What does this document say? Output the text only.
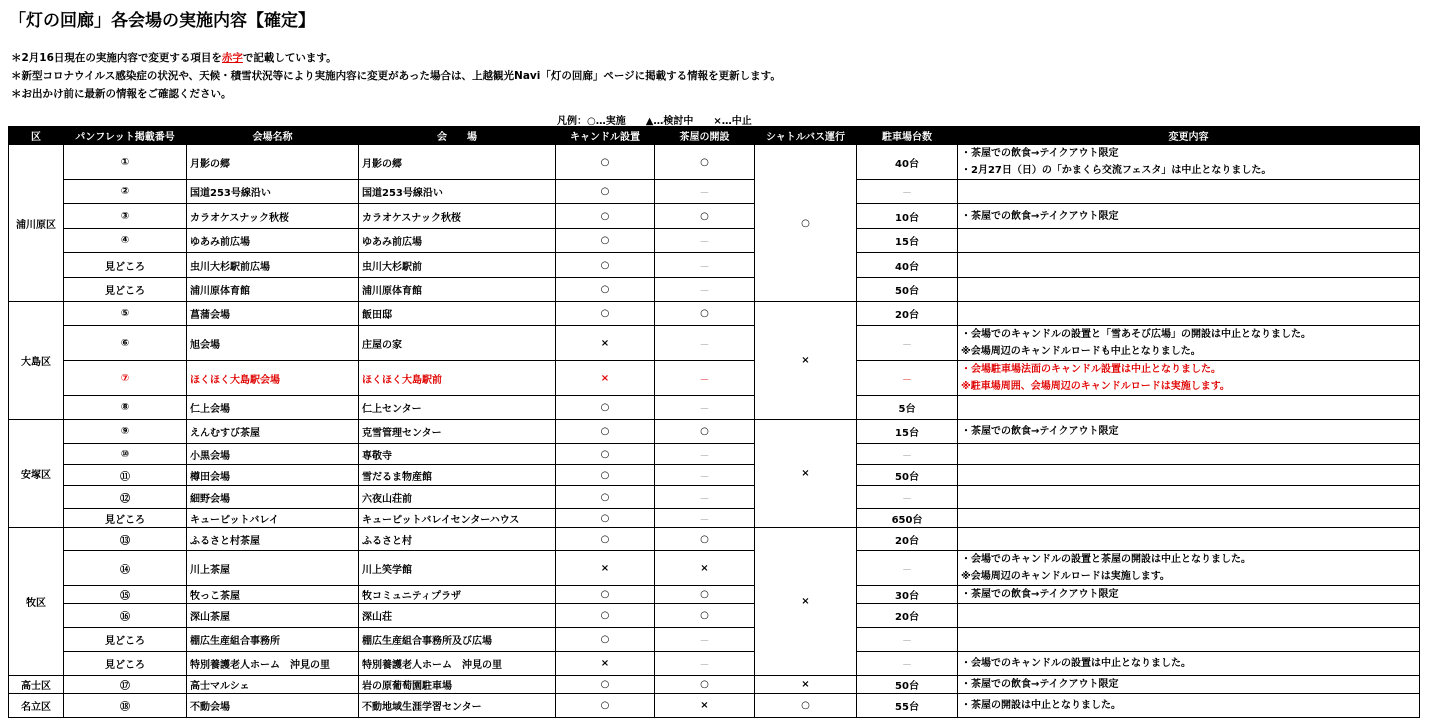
「灯の回廊」各会場の実施内容【確定】
＊2月16日現在の実施内容で変更する項目を赤字で記載しています。
＊新型コロナウイルス感染症の状況や、天候・積雪状況等により実施内容に変更があった場合は、上越観光Navi「灯の回廊」ページに掲載する情報を更新します。
＊お出かけ前に最新の情報をご確認ください。
凡例：○…実施　　▲…検討中　　×…中止
区	パンフレット掲載番号	会場名称	会　　場	キャンドル設置	茶屋の開設	シャトルバス運行	駐車場台数	変更内容
浦川原区	①	月影の郷	月影の郷	○	○	○	40台	・茶屋での飲食→テイクアウト限定
・2月27日（日）の「かまくら交流フェスタ」は中止となりました。

	②	国道253号線沿い	国道253号線沿い	○	－		－	

	③	カラオケスナック秋桜	カラオケスナック秋桜	○	○		10台	・茶屋での飲食→テイクアウト限定

	④	ゆあみ前広場	ゆあみ前広場	○	－		15台	

	見どころ	虫川大杉駅前広場	虫川大杉駅前	○	－		40台	

	見どころ	浦川原体育館	浦川原体育館	○	－		50台	

大島区	⑤	菖蒲会場	飯田邸	○	○	×	20台	

	⑥	旭会場	庄屋の家	×	－		－	・会場でのキャンドルの設置と「雪あそび広場」の開設は中止となりました。
※会場周辺のキャンドルロードも中止となりました。

	⑦	ほくほく大島駅会場	ほくほく大島駅前	×	－		－	・会場駐車場法面のキャンドル設置は中止となりました。
※駐車場周囲、会場周辺のキャンドルロードは実施します。

	⑧	仁上会場	仁上センター	○	－		5台	

安塚区	⑨	えんむすび茶屋	克雪管理センター	○	○	×	15台	・茶屋での飲食→テイクアウト限定

	⑩	小黒会場	専敬寺	○	－		－	

	⑪	樽田会場	雪だるま物産館	○	－		50台	

	⑫	細野会場	六夜山荘前	○	－		－	

	見どころ	キューピットバレイ	キューピットバレイセンターハウス	○	－		650台	

牧区	⑬	ふるさと村茶屋	ふるさと村	○	○	×	20台	

	⑭	川上茶屋	川上笑学館	×	×		－	・会場でのキャンドルの設置と茶屋の開設は中止となりました。
※会場周辺のキャンドルロードは実施します。

	⑮	牧っこ茶屋	牧コミュニティプラザ	○	○		30台	・茶屋での飲食→テイクアウト限定

	⑯	深山茶屋	深山荘	○	○		20台	

	見どころ	棚広生産組合事務所	棚広生産組合事務所及び広場	○	－		－	

	見どころ	特別養護老人ホーム　沖見の里	特別養護老人ホーム　沖見の里	×	－		－	・会場でのキャンドルの設置は中止となりました。

高士区	⑰	高士マルシェ	岩の原葡萄園駐車場	○	○	×	50台	・茶屋での飲食→テイクアウト限定

名立区	⑱	不動会場	不動地域生涯学習センター	○	×	○	55台	・茶屋の開設は中止となりました。
